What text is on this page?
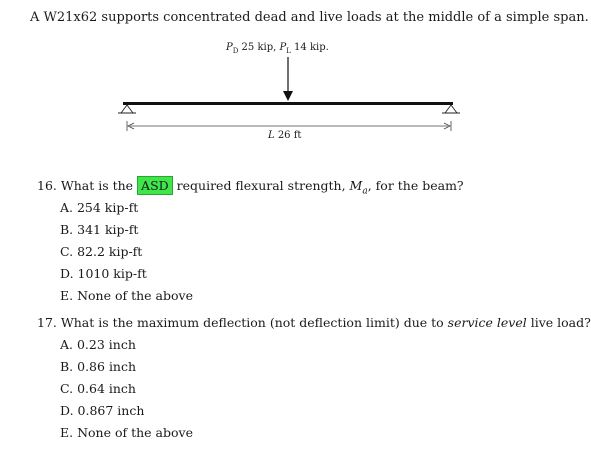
A W21x62 supports concentrated dead and live loads at the middle of a simple span.
$P_D$ 25 kip, $P_L$ 14 kip.
L 26 ft
16. What is the ASD required flexural strength, $M_a$, for the beam?
A. 254 kip-ft
B. 341 kip-ft
C. 82.2 kip-ft
D. 1010 kip-ft
E. None of the above
17. What is the maximum deflection (not deflection limit) due to service level live load?
A. 0.23 inch
B. 0.86 inch
C. 0.64 inch
D. 0.867 inch
E. None of the above
